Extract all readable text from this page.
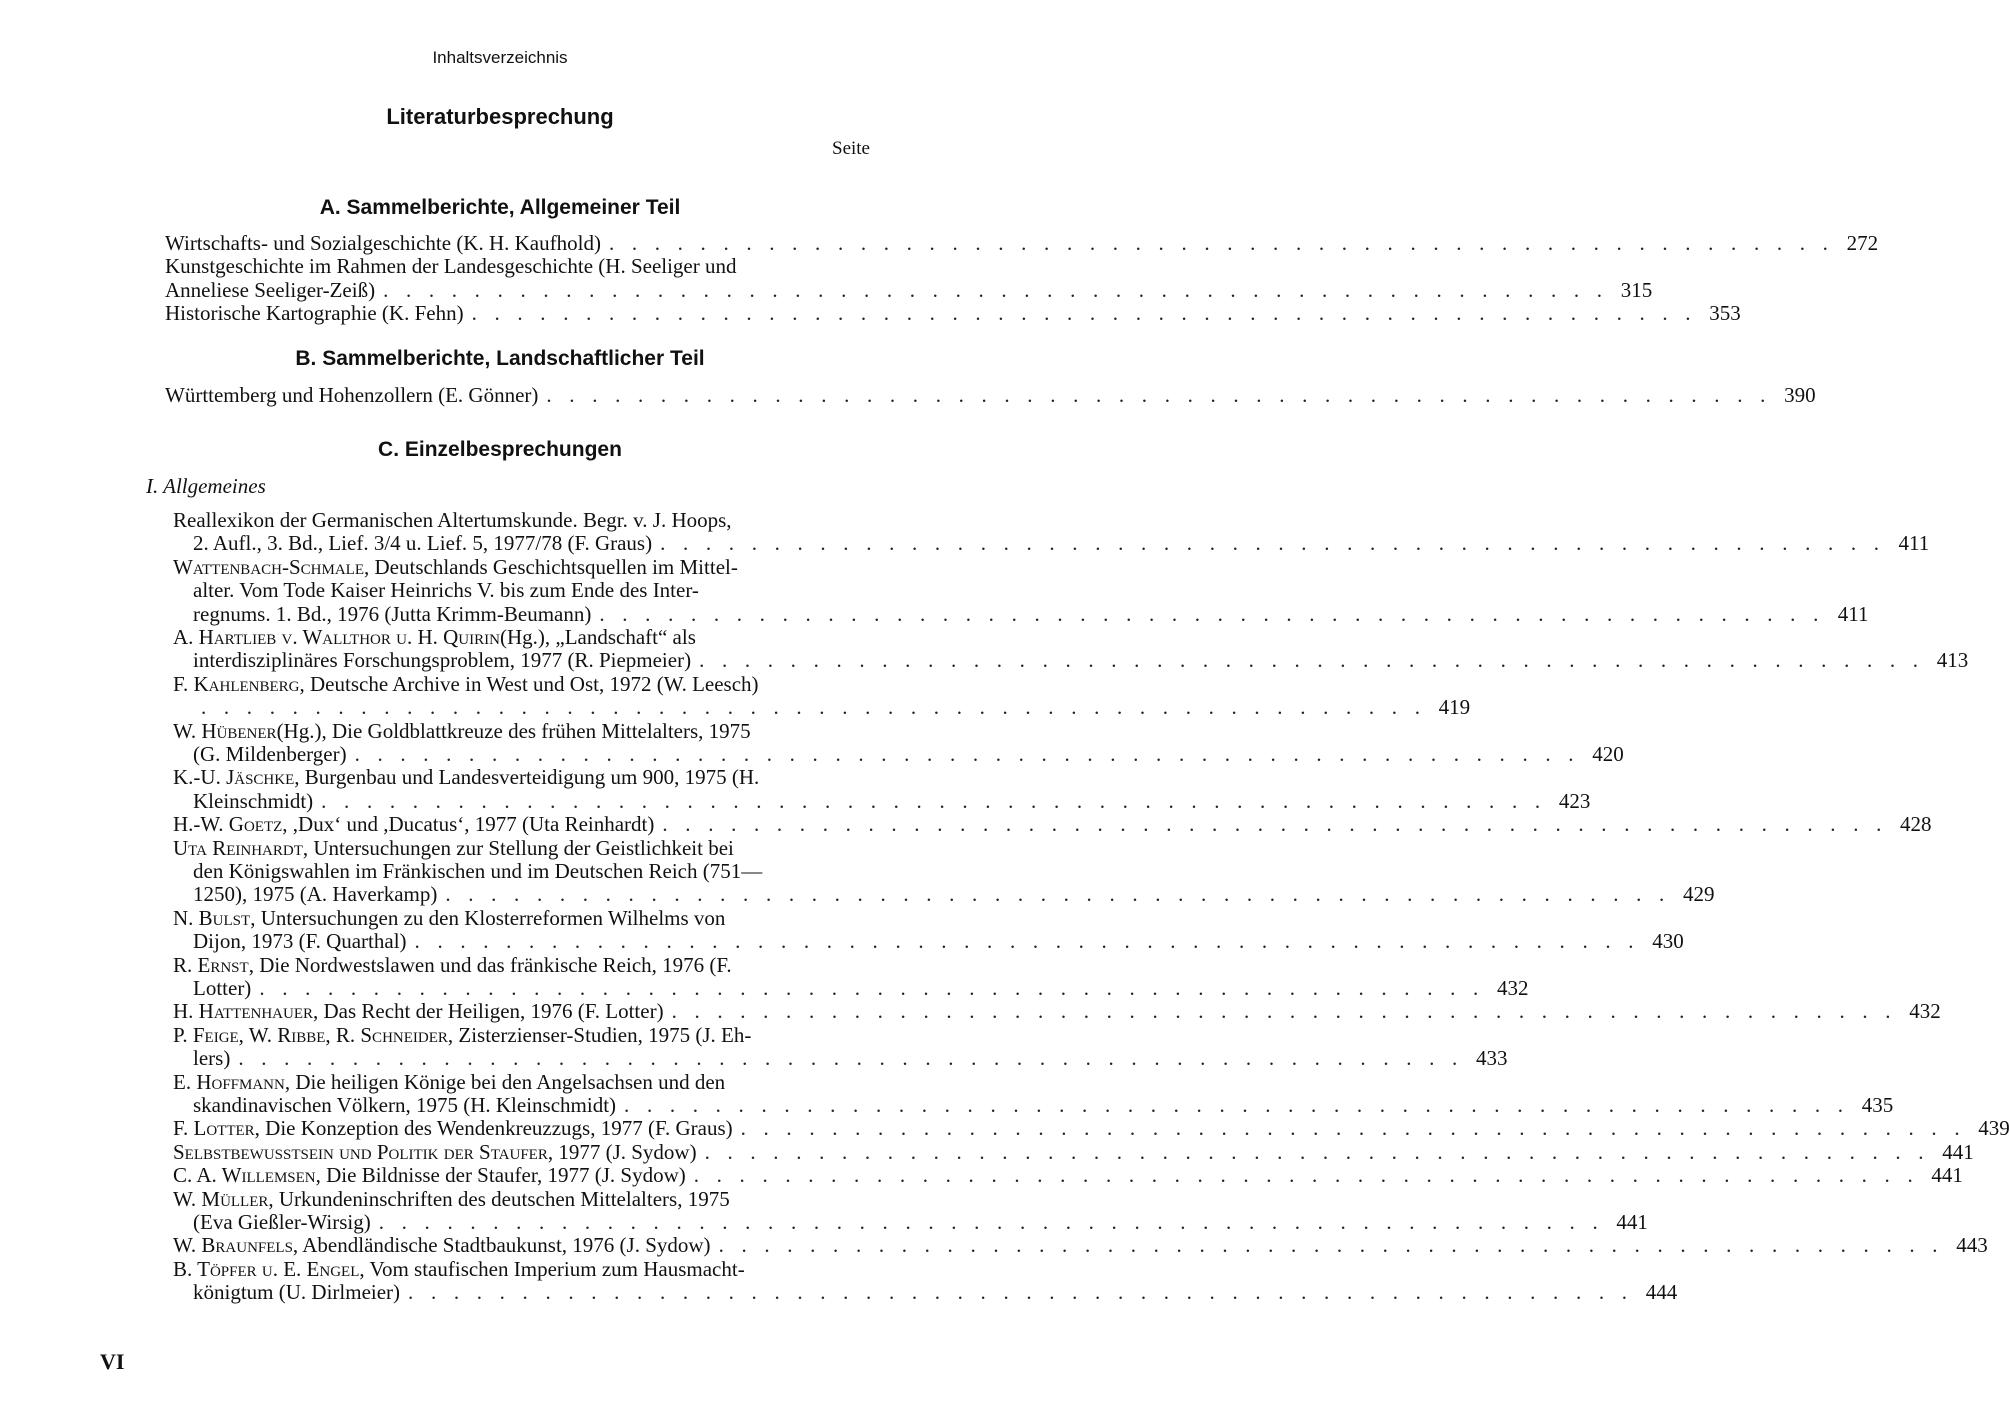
Inhaltsverzeichnis
Literaturbesprechung
Seite
A. Sammelberichte, Allgemeiner Teil
Wirtschafts- und Sozialgeschichte (K. H. Kaufhold) . . . . . . . . . . . . . . . . . . . . . . . . . . . . . . . . . . . . . . . . . . . . . . . . . . . . . . 272
Kunstgeschichte im Rahmen der Landesgeschichte (H. Seeliger und
Anneliese Seeliger-Zeiß) . . . . . . . . . . . . . . . . . . . . . . . . . . . . . . . . . . . . . . . . . . . . . . . . . . . . . . 315
Historische Kartographie (K. Fehn) . . . . . . . . . . . . . . . . . . . . . . . . . . . . . . . . . . . . . . . . . . . . . . . . . . . . . . 353
B. Sammelberichte, Landschaftlicher Teil
Württemberg und Hohenzollern (E. Gönner) . . . . . . . . . . . . . . . . . . . . . . . . . . . . . . . . . . . . . . . . . . . . . . . . . . . . . . 390
C. Einzelbesprechungen
I. Allgemeines
Reallexikon der Germanischen Altertumskunde. Begr. v. J. Hoops,
2. Aufl., 3. Bd., Lief. 3/4 u. Lief. 5, 1977/78 (F. Graus) . . . . . . . . . . . . . . . . . . . . . . . . . . . . . . . . . . . . . . . . . . . . . . . . . . . . . . 411
Wattenbach-Schmale , Deutschlands Geschichtsquellen im Mittel-
alter. Vom Tode Kaiser Heinrichs V. bis zum Ende des Inter-
regnums. 1. Bd., 1976 (Jutta Krimm-Beumann) . . . . . . . . . . . . . . . . . . . . . . . . . . . . . . . . . . . . . . . . . . . . . . . . . . . . . . 411
A. Hartlieb v. Wallthor u. H. Quirin (Hg.), „Landschaft“ als
interdisziplinäres Forschungsproblem, 1977 (R. Piepmeier) . . . . . . . . . . . . . . . . . . . . . . . . . . . . . . . . . . . . . . . . . . . . . . . . . . . . . . 413
F. Kahlenberg , Deutsche Archive in West und Ost, 1972 (W. Leesch)
. . . . . . . . . . . . . . . . . . . . . . . . . . . . . . . . . . . . . . . . . . . . . . . . . . . . . . 419
W. Hübener (Hg.), Die Goldblattkreuze des frühen Mittelalters, 1975
(G. Mildenberger) . . . . . . . . . . . . . . . . . . . . . . . . . . . . . . . . . . . . . . . . . . . . . . . . . . . . . . 420
K.-U. Jäschke , Burgenbau und Landesverteidigung um 900, 1975 (H.
Kleinschmidt) . . . . . . . . . . . . . . . . . . . . . . . . . . . . . . . . . . . . . . . . . . . . . . . . . . . . . . 423
H.-W. Goetz , ,Dux‘ und ,Ducatus‘, 1977 (Uta Reinhardt) . . . . . . . . . . . . . . . . . . . . . . . . . . . . . . . . . . . . . . . . . . . . . . . . . . . . . . 428
Uta Reinhardt , Untersuchungen zur Stellung der Geistlichkeit bei
den Königswahlen im Fränkischen und im Deutschen Reich (751—
1250), 1975 (A. Haverkamp) . . . . . . . . . . . . . . . . . . . . . . . . . . . . . . . . . . . . . . . . . . . . . . . . . . . . . . 429
N. Bulst , Untersuchungen zu den Klosterreformen Wilhelms von
Dijon, 1973 (F. Quarthal) . . . . . . . . . . . . . . . . . . . . . . . . . . . . . . . . . . . . . . . . . . . . . . . . . . . . . . 430
R. Ernst , Die Nordwestslawen und das fränkische Reich, 1976 (F.
Lotter) . . . . . . . . . . . . . . . . . . . . . . . . . . . . . . . . . . . . . . . . . . . . . . . . . . . . . . 432
H. Hattenhauer , Das Recht der Heiligen, 1976 (F. Lotter) . . . . . . . . . . . . . . . . . . . . . . . . . . . . . . . . . . . . . . . . . . . . . . . . . . . . . . 432
P. Feige, W. Ribbe, R. Schneider , Zisterzienser-Studien, 1975 (J. Eh-
lers) . . . . . . . . . . . . . . . . . . . . . . . . . . . . . . . . . . . . . . . . . . . . . . . . . . . . . . 433
E. Hoffmann , Die heiligen Könige bei den Angelsachsen und den
skandinavischen Völkern, 1975 (H. Kleinschmidt) . . . . . . . . . . . . . . . . . . . . . . . . . . . . . . . . . . . . . . . . . . . . . . . . . . . . . . 435
F. Lotter , Die Konzeption des Wendenkreuzzugs, 1977 (F. Graus) . . . . . . . . . . . . . . . . . . . . . . . . . . . . . . . . . . . . . . . . . . . . . . . . . . . . . . 439
Selbstbewusstsein und Politik der Staufer , 1977 (J. Sydow) . . . . . . . . . . . . . . . . . . . . . . . . . . . . . . . . . . . . . . . . . . . . . . . . . . . . . . 441
C. A. Willemsen , Die Bildnisse der Staufer, 1977 (J. Sydow) . . . . . . . . . . . . . . . . . . . . . . . . . . . . . . . . . . . . . . . . . . . . . . . . . . . . . . 441
W. Müller , Urkundeninschriften des deutschen Mittelalters, 1975
(Eva Gießler-Wirsig) . . . . . . . . . . . . . . . . . . . . . . . . . . . . . . . . . . . . . . . . . . . . . . . . . . . . . . 441
W. Braunfels , Abendländische Stadtbaukunst, 1976 (J. Sydow) . . . . . . . . . . . . . . . . . . . . . . . . . . . . . . . . . . . . . . . . . . . . . . . . . . . . . . 443
B. Töpfer u. E. Engel , Vom staufischen Imperium zum Hausmacht-
königtum (U. Dirlmeier) . . . . . . . . . . . . . . . . . . . . . . . . . . . . . . . . . . . . . . . . . . . . . . . . . . . . . . 444
VI
